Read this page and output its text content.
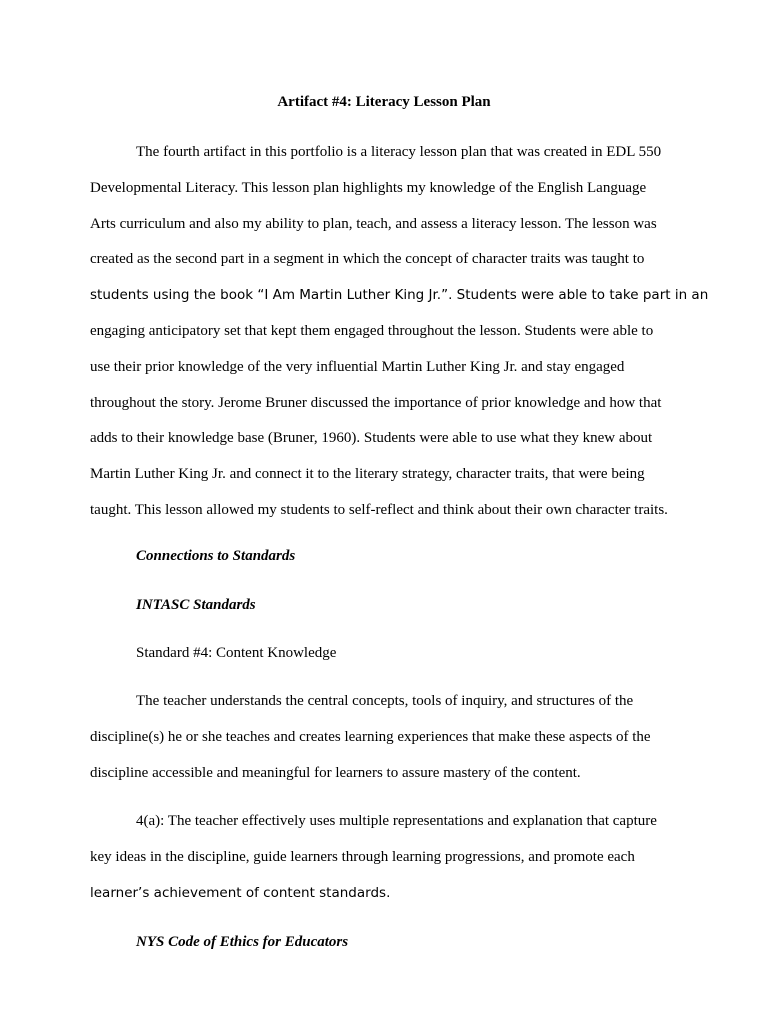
Artifact #4: Literacy Lesson Plan
The fourth artifact in this portfolio is a literacy lesson plan that was created in EDL 550
Developmental Literacy. This lesson plan highlights my knowledge of the English Language
Arts curriculum and also my ability to plan, teach, and assess a literacy lesson. The lesson was
created as the second part in a segment in which the concept of character traits was taught to
students using the book “I Am Martin Luther King Jr.”. Students were able to take part in an
engaging anticipatory set that kept them engaged throughout the lesson. Students were able to
use their prior knowledge of the very influential Martin Luther King Jr. and stay engaged
throughout the story. Jerome Bruner discussed the importance of prior knowledge and how that
adds to their knowledge base (Bruner, 1960). Students were able to use what they knew about
Martin Luther King Jr. and connect it to the literary strategy, character traits, that were being
taught. This lesson allowed my students to self-reflect and think about their own character traits.
Connections to Standards
INTASC Standards
Standard #4: Content Knowledge
The teacher understands the central concepts, tools of inquiry, and structures of the
discipline(s) he or she teaches and creates learning experiences that make these aspects of the
discipline accessible and meaningful for learners to assure mastery of the content.
4(a): The teacher effectively uses multiple representations and explanation that capture
key ideas in the discipline, guide learners through learning progressions, and promote each
learner’s achievement of content standards.
NYS Code of Ethics for Educators
